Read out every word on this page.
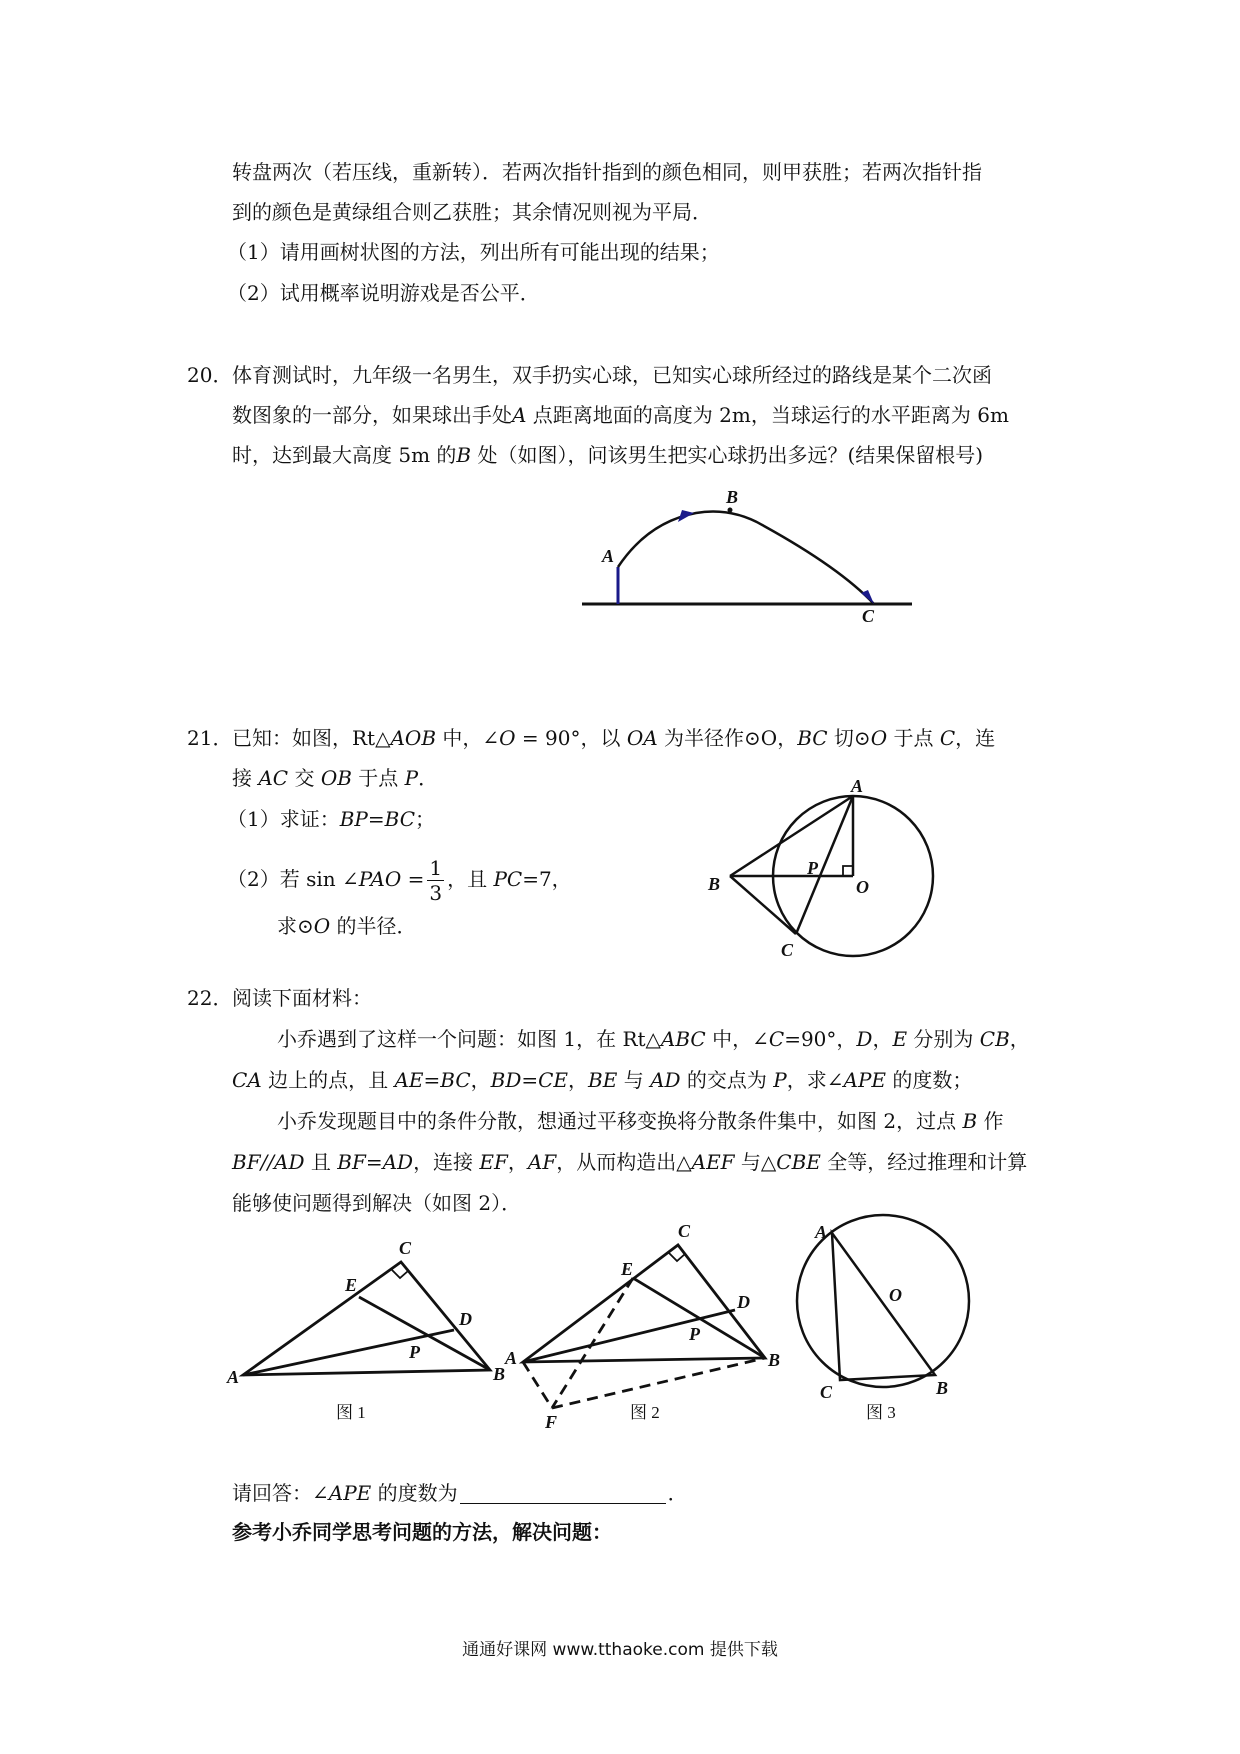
转盘两次（若压线，重新转）．若两次指针指到的颜色相同，则甲获胜；若两次指针指
到的颜色是黄绿组合则乙获胜；其余情况则视为平局．
（1）请用画树状图的方法，列出所有可能出现的结果；
（2）试用概率说明游戏是否公平．
20． 体育测试时，九年级一名男生，双手扔实心球，已知实心球所经过的路线是某个二次函
数图象的一部分，如果球出手处A 点距离地面的高度为 2m，当球运行的水平距离为 6m
时，达到最大高度 5m 的B 处（如图），问该男生把实心球扔出多远？(结果保留根号)
A
B
C
21． 已知：如图，Rt△AOB 中，∠O = 90°，以 OA 为半径作⊙O，BC 切⊙O 于点 C，连
接 AC 交 OB 于点 P．
（1）求证：BP=BC；
（2）若 sin ∠PAO = $\frac{1}{3}$ ，且 PC=7，
求⊙O 的半径．
A
B
P
O
C
22． 阅读下面材料：
小乔遇到了这样一个问题：如图 1，在 Rt△ABC 中，∠C=90°，D，E 分别为 CB，
CA 边上的点，且 AE=BC，BD=CE，BE 与 AD 的交点为 P，求∠APE 的度数；
小乔发现题目中的条件分散，想通过平移变换将分散条件集中，如图 2，过点 B 作
BF//AD 且 BF=AD，连接 EF，AF，从而构造出△AEF 与△CBE 全等，经过推理和计算
能够使问题得到解决（如图 2）．
A	B
C
D
E
P
图 1
A	B
C
D
E
P
F	图 2
A
B
C
O
图 3
请回答：∠APE 的度数为	．
参考小乔同学思考问题的方法，解决问题：
通通好课网 www.tthaoke.com 提供下载
